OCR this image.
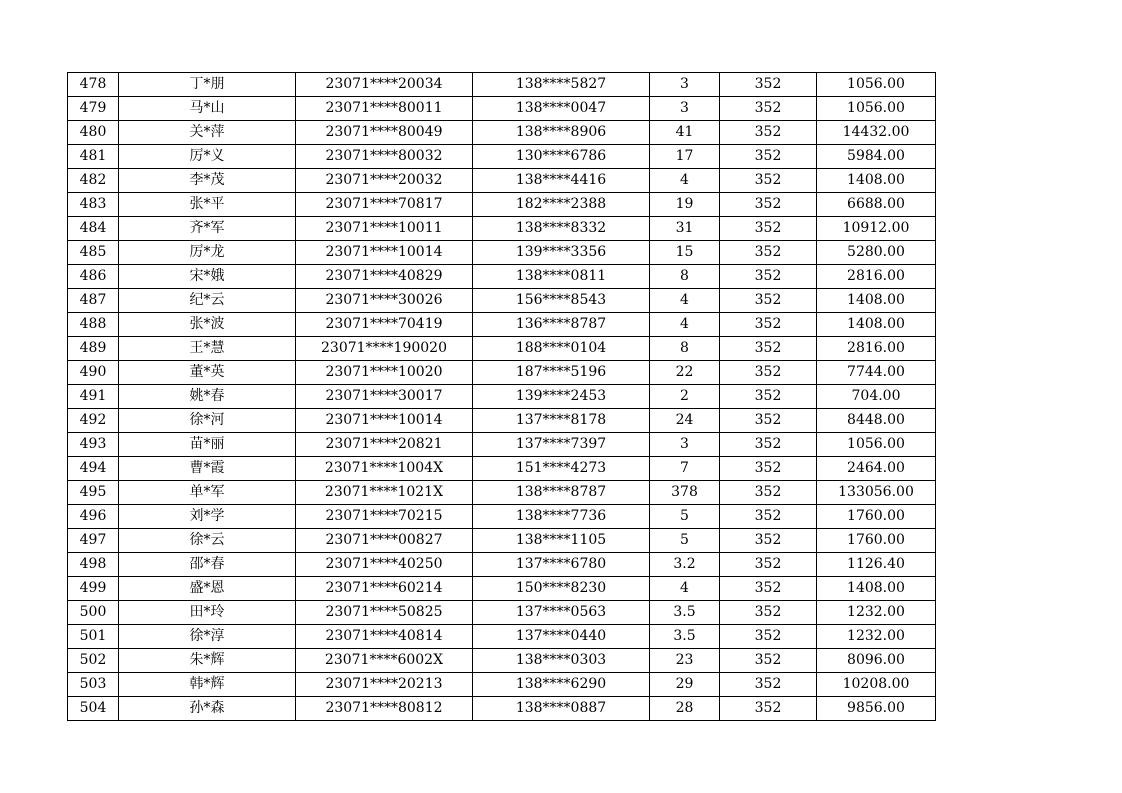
478	丁*朋	23071****20034	138****5827	3	352	1056.00
479	马*山	23071****80011	138****0047	3	352	1056.00
480	关*萍	23071****80049	138****8906	41	352	14432.00
481	厉*义	23071****80032	130****6786	17	352	5984.00
482	李*茂	23071****20032	138****4416	4	352	1408.00
483	张*平	23071****70817	182****2388	19	352	6688.00
484	齐*军	23071****10011	138****8332	31	352	10912.00
485	厉*龙	23071****10014	139****3356	15	352	5280.00
486	宋*娥	23071****40829	138****0811	8	352	2816.00
487	纪*云	23071****30026	156****8543	4	352	1408.00
488	张*波	23071****70419	136****8787	4	352	1408.00
489	王*慧	23071****190020	188****0104	8	352	2816.00
490	董*英	23071****10020	187****5196	22	352	7744.00
491	姚*春	23071****30017	139****2453	2	352	704.00
492	徐*河	23071****10014	137****8178	24	352	8448.00
493	苗*丽	23071****20821	137****7397	3	352	1056.00
494	曹*霞	23071****1004X	151****4273	7	352	2464.00
495	单*军	23071****1021X	138****8787	378	352	133056.00
496	刘*学	23071****70215	138****7736	5	352	1760.00
497	徐*云	23071****00827	138****1105	5	352	1760.00
498	邵*春	23071****40250	137****6780	3.2	352	1126.40
499	盛*恩	23071****60214	150****8230	4	352	1408.00
500	田*玲	23071****50825	137****0563	3.5	352	1232.00
501	徐*淳	23071****40814	137****0440	3.5	352	1232.00
502	朱*辉	23071****6002X	138****0303	23	352	8096.00
503	韩*辉	23071****20213	138****6290	29	352	10208.00
504	孙*森	23071****80812	138****0887	28	352	9856.00
